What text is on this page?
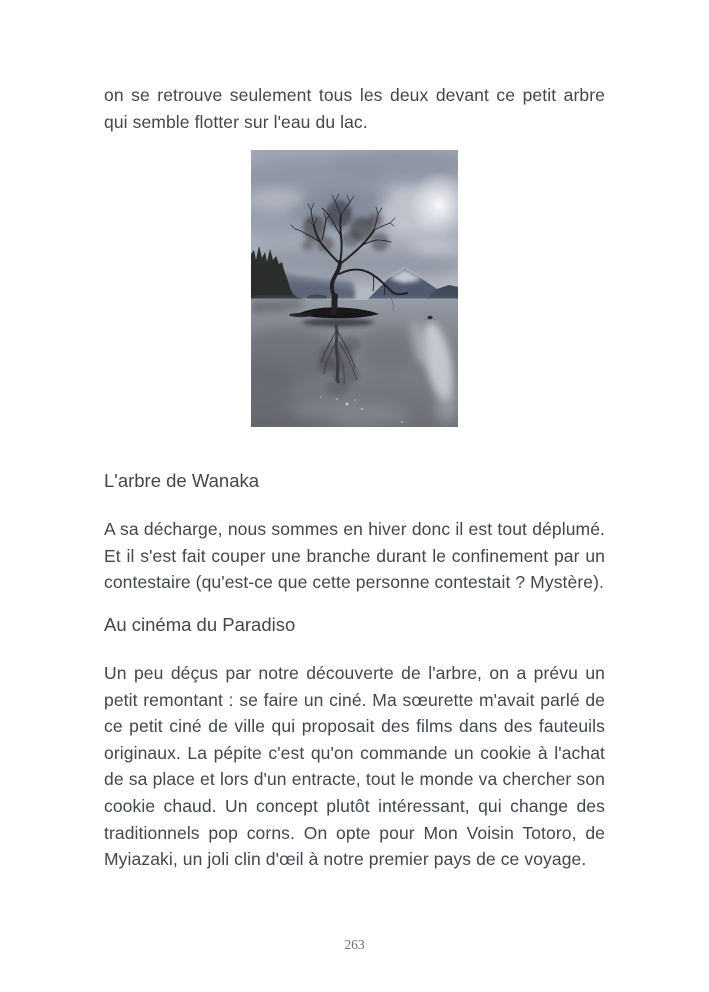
on se retrouve seulement tous les deux devant ce petit arbre qui semble flotter sur l'eau du lac.

L'arbre de Wanaka

A sa décharge, nous sommes en hiver donc il est tout déplumé. Et il s'est fait couper une branche durant le confinement par un contestaire (qu'est-ce que cette personne contestait ? Mystère).

Au cinéma du Paradiso

Un peu déçus par notre découverte de l'arbre, on a prévu un petit remontant : se faire un ciné. Ma sœurette m'avait parlé de ce petit ciné de ville qui proposait des films dans des fauteuils originaux. La pépite c'est qu'on commande un cookie à l'achat de sa place et lors d'un entracte, tout le monde va chercher son cookie chaud. Un concept plutôt intéressant, qui change des traditionnels pop corns. On opte pour Mon Voisin Totoro, de Myiazaki, un joli clin d'œil à notre premier pays de ce voyage.

263
